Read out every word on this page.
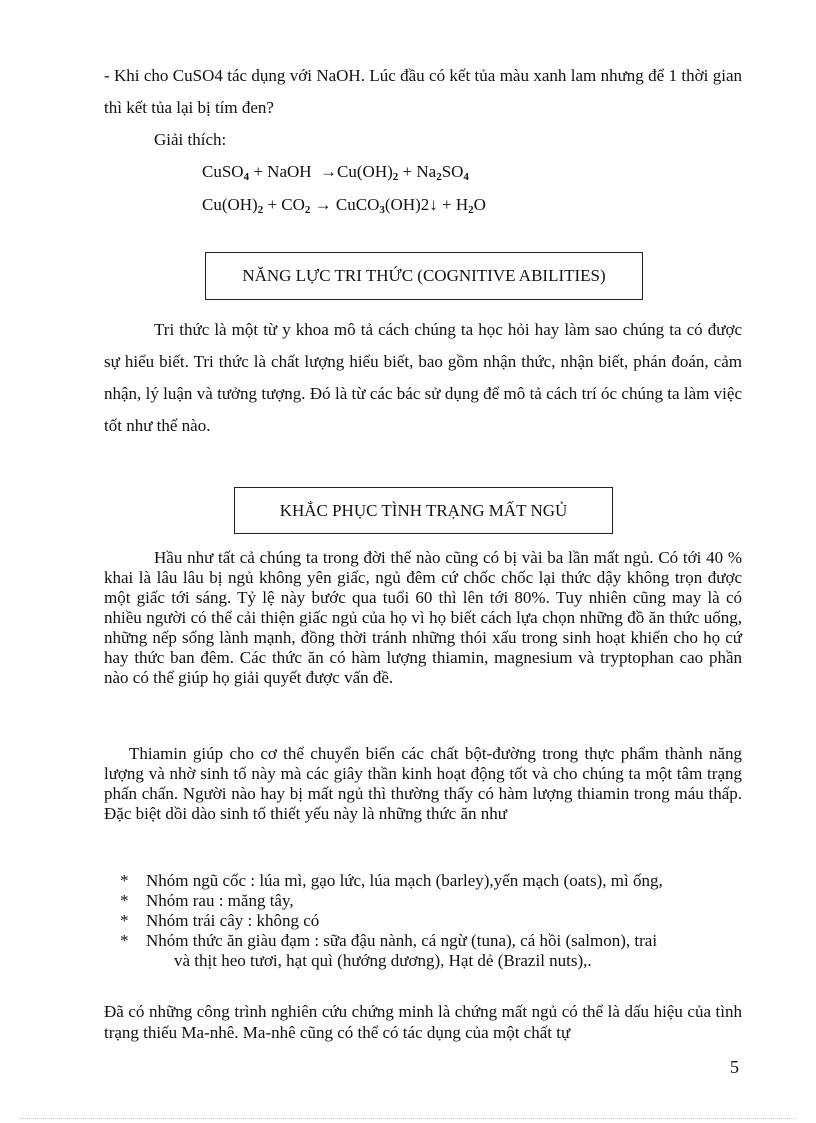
- Khi cho CuSO4 tác dụng với NaOH. Lúc đầu có kết tủa màu xanh lam nhưng để 1 thời gian thì kết tủa lại bị tím đen?
Giải thích:
CuSO$_4$ + NaOH  $\to Cu(OH)_2 + Na_2SO_4$
$Cu(OH)_2 + CO_2$ → CuCO$_3$(OH)2↓ + $H_2O$
NĂNG LỰC TRI THỨC (COGNITIVE ABILITIES)
Tri thức là một từ y khoa mô tả cách chúng ta học hỏi hay làm sao chúng ta có được sự hiểu biết. Tri thức là chất lượng hiểu biết, bao gồm nhận thức, nhận biết, phán đoán, cảm nhận, lý luận và tưởng tượng. Đó là từ các bác sử dụng để mô tả cách trí óc chúng ta làm việc tốt như thế nào.
KHẮC PHỤC TÌNH TRẠNG MẤT NGỦ
Hầu như tất cả chúng ta trong đời thế nào cũng có bị vài ba lần mất ngủ. Có tới 40 % khai là lâu lâu bị ngủ không yên giấc, ngủ đêm cứ chốc chốc lại thức dậy không trọn được một giấc tới sáng. Tỷ lệ này bước qua tuổi 60 thì lên tới 80%. Tuy nhiên cũng may là có nhiều người có thể cải thiện giấc ngủ của họ vì họ biết cách lựa chọn những đồ ăn thức uống, những nếp sống lành mạnh, đồng thời tránh những thói xấu trong sinh hoạt khiến cho họ cứ hay thức ban đêm. Các thức ăn có hàm lượng thiamin, magnesium và tryptophan cao phần nào có thể giúp họ giải quyết được vấn đề.
Thiamin giúp cho cơ thể chuyển biến các chất bột-đường trong thực phẩm thành năng lượng và nhờ sinh tố này mà các giây thần kinh hoạt động tốt và cho chúng ta một tâm trạng phấn chấn. Người nào hay bị mất ngủ thì thường thấy có hàm lượng thiamin trong máu thấp. Đặc biệt dồi dào sinh tố thiết yếu này là những thức ăn như
*	Nhóm ngũ cốc : lúa mì, gạo lức, lúa mạch (barley),yến mạch (oats), mì ống,
*	Nhóm rau : măng tây,
*	Nhóm trái cây : không có
*	Nhóm thức ăn giàu đạm : sữa đậu nành, cá ngừ (tuna), cá hồi (salmon), trai
và thịt heo tươi, hạt quì (hướng dương), Hạt dẻ (Brazil nuts),.
Đã có những công trình nghiên cứu chứng minh là chứng mất ngủ có thể là dấu hiệu của tình trạng thiếu Ma-nhê. Ma-nhê cũng có thể có tác dụng của một chất tự
5
